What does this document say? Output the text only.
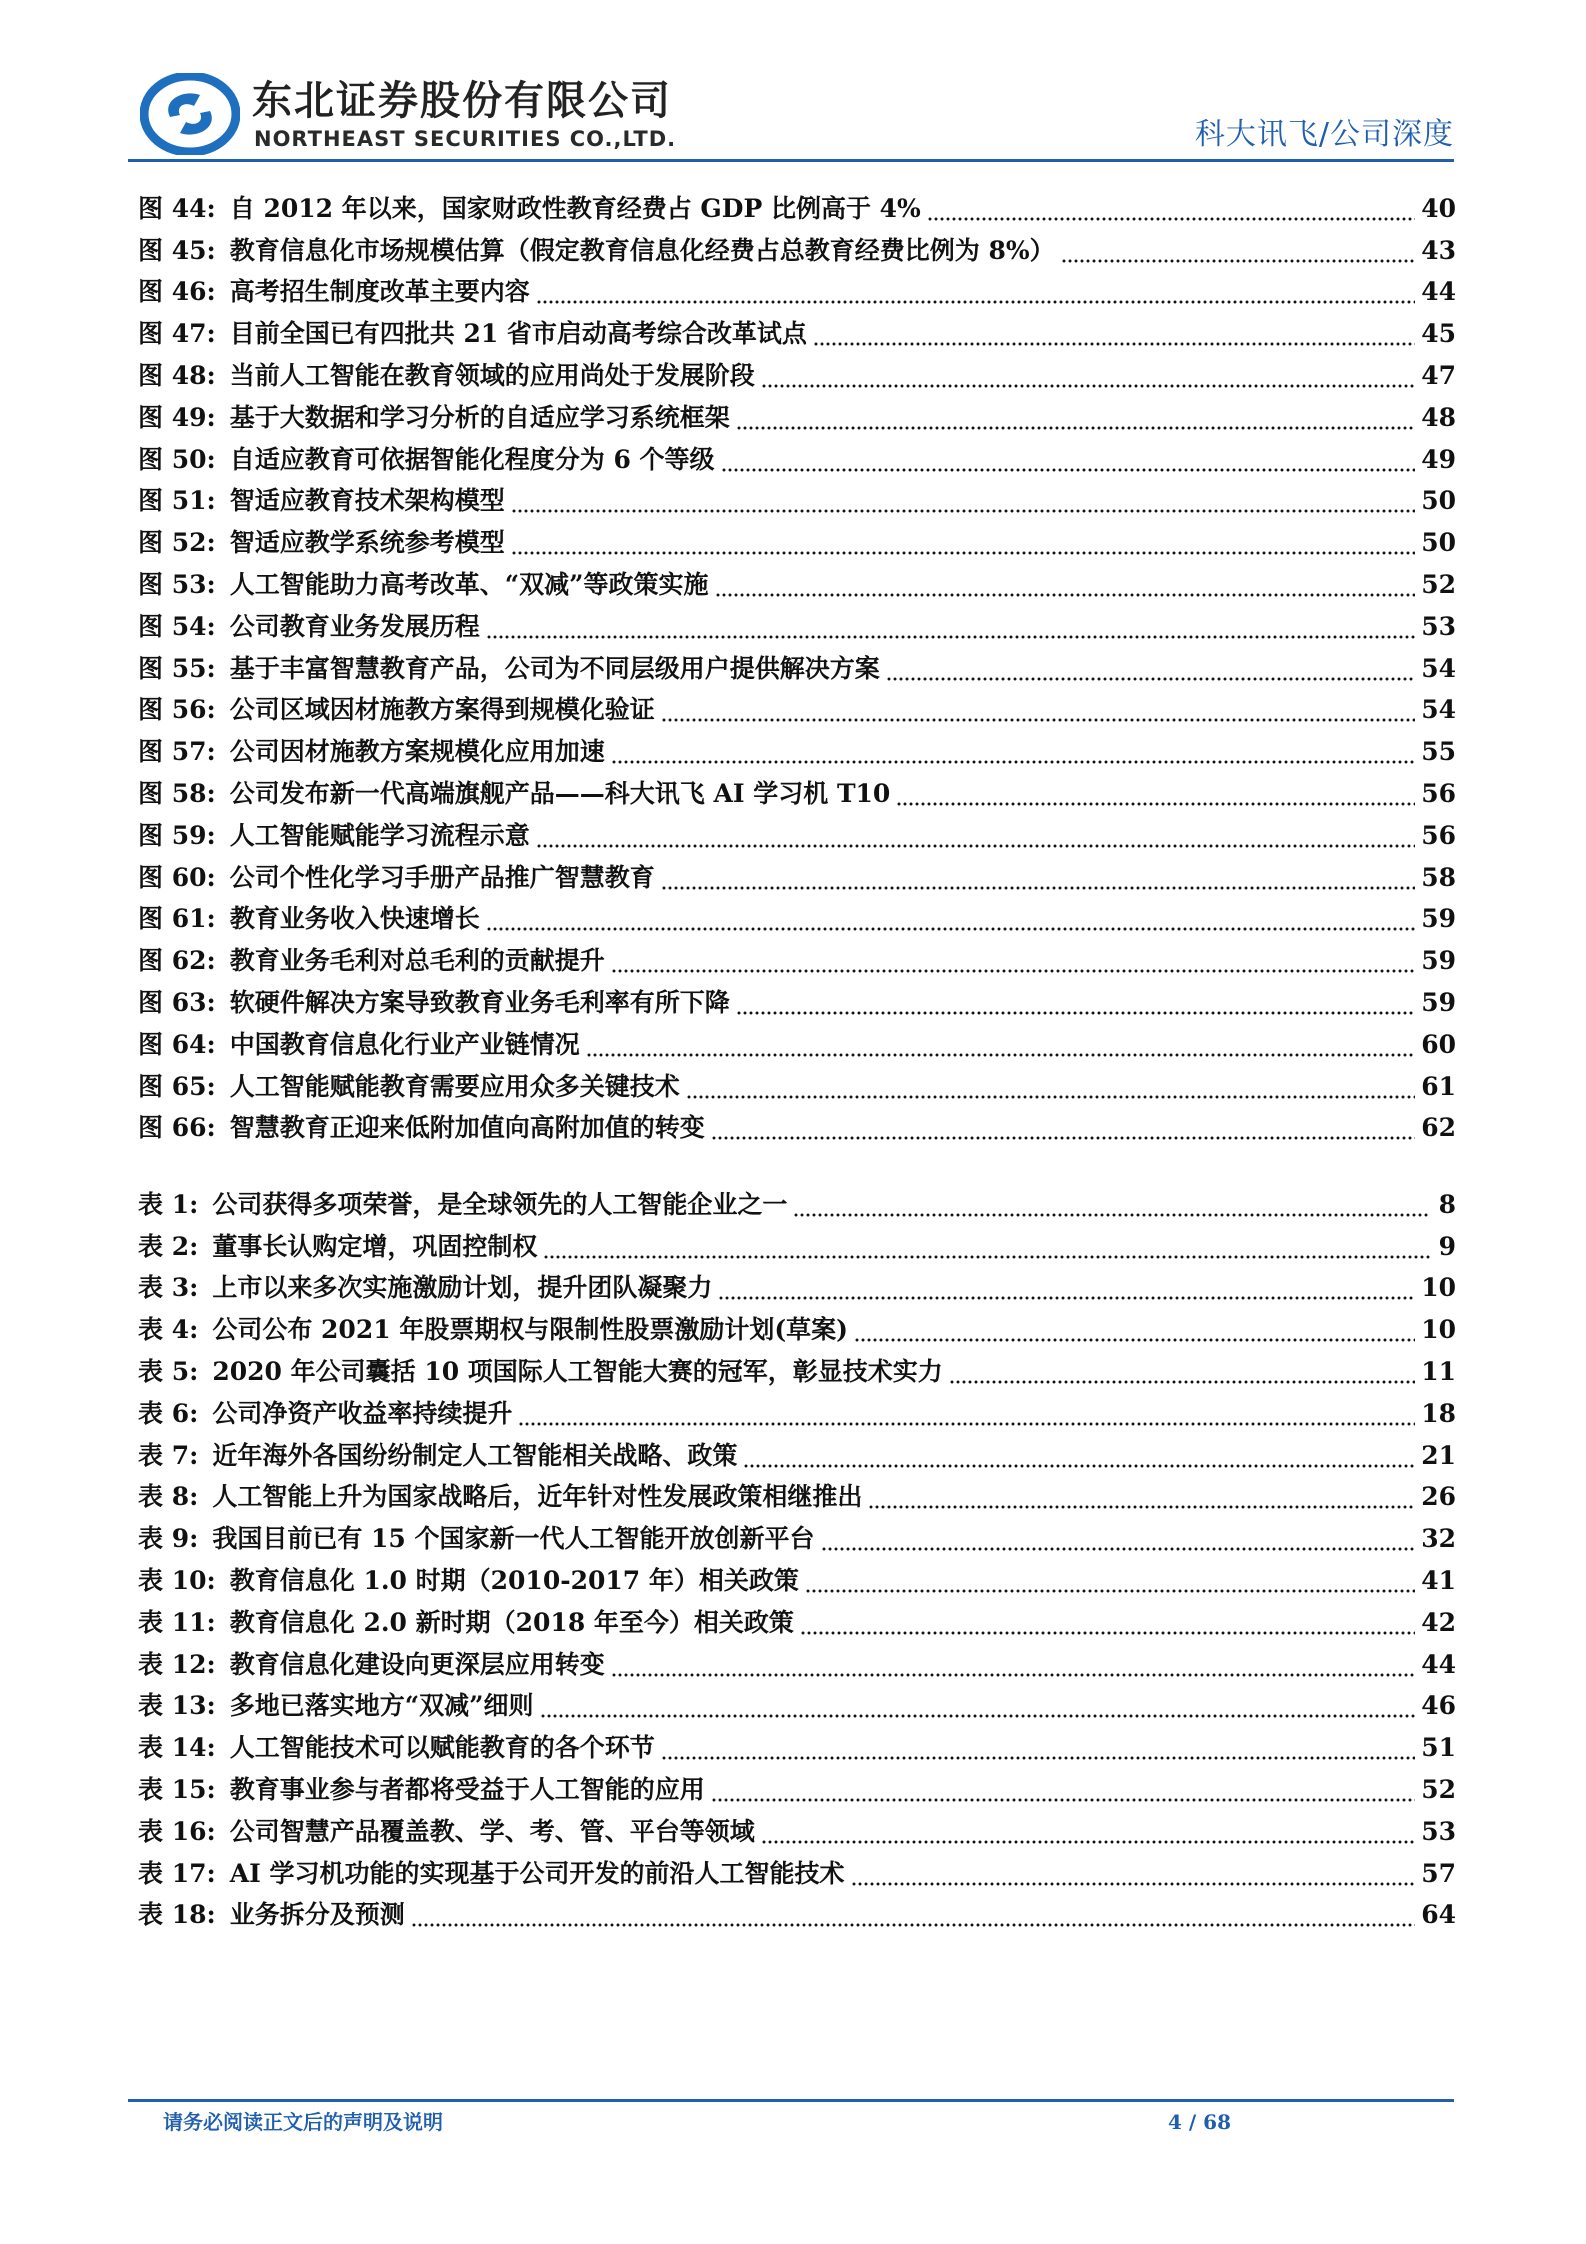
东北证券股份有限公司
NORTHEAST SECURITIES CO.,LTD.	科大讯飞/公司深度
图 44: 自 2012 年以来，国家财政性教育经费占 GDP 比例高于 4%	40
图 45: 教育信息化市场规模估算（假定教育信息化经费占总教育经费比例为 8%）	43
图 46: 高考招生制度改革主要内容	44
图 47: 目前全国已有四批共 21 省市启动高考综合改革试点	45
图 48: 当前人工智能在教育领域的应用尚处于发展阶段	47
图 49: 基于大数据和学习分析的自适应学习系统框架	48
图 50: 自适应教育可依据智能化程度分为 6 个等级	49
图 51: 智适应教育技术架构模型	50
图 52: 智适应教学系统参考模型	50
图 53: 人工智能助力高考改革、“双减”等政策实施	52
图 54: 公司教育业务发展历程	53
图 55: 基于丰富智慧教育产品，公司为不同层级用户提供解决方案	54
图 56: 公司区域因材施教方案得到规模化验证	54
图 57: 公司因材施教方案规模化应用加速	55
图 58: 公司发布新一代高端旗舰产品——科大讯飞 AI 学习机 T10	56
图 59: 人工智能赋能学习流程示意	56
图 60: 公司个性化学习手册产品推广智慧教育	58
图 61: 教育业务收入快速增长	59
图 62: 教育业务毛利对总毛利的贡献提升	59
图 63: 软硬件解决方案导致教育业务毛利率有所下降	59
图 64: 中国教育信息化行业产业链情况	60
图 65: 人工智能赋能教育需要应用众多关键技术	61
图 66: 智慧教育正迎来低附加值向高附加值的转变	62
表 1: 公司获得多项荣誉，是全球领先的人工智能企业之一	8
表 2: 董事长认购定增，巩固控制权	9
表 3: 上市以来多次实施激励计划，提升团队凝聚力	10
表 4: 公司公布 2021 年股票期权与限制性股票激励计划(草案)	10
表 5: 2020 年公司囊括 10 项国际人工智能大赛的冠军，彰显技术实力	11
表 6: 公司净资产收益率持续提升	18
表 7: 近年海外各国纷纷制定人工智能相关战略、政策	21
表 8: 人工智能上升为国家战略后，近年针对性发展政策相继推出	26
表 9: 我国目前已有 15 个国家新一代人工智能开放创新平台	32
表 10: 教育信息化 1.0 时期（2010-2017 年）相关政策	41
表 11: 教育信息化 2.0 新时期（2018 年至今）相关政策	42
表 12: 教育信息化建设向更深层应用转变	44
表 13: 多地已落实地方“双减”细则	46
表 14: 人工智能技术可以赋能教育的各个环节	51
表 15: 教育事业参与者都将受益于人工智能的应用	52
表 16: 公司智慧产品覆盖教、学、考、管、平台等领域	53
表 17: AI 学习机功能的实现基于公司开发的前沿人工智能技术	57
表 18: 业务拆分及预测	64
请务必阅读正文后的声明及说明	4 / 68
